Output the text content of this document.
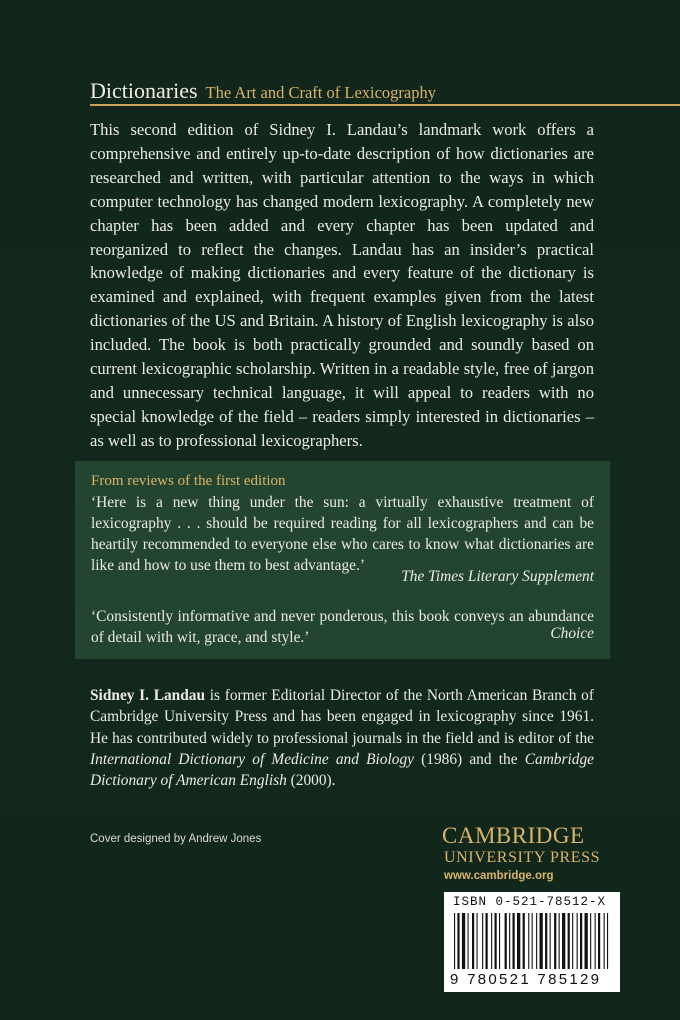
Dictionaries The Art and Craft of Lexicography
This second edition of Sidney I. Landau’s landmark work offers a comprehensive and entirely up-to-date description of how dictionaries are researched and written, with particular attention to the ways in which computer technology has changed modern lexicography. A completely new chapter has been added and every chapter has been updated and reorganized to reflect the changes. Landau has an insider’s practical knowledge of making dictionaries and every feature of the dictionary is examined and explained, with frequent examples given from the latest dictionaries of the US and Britain. A history of English lexicography is also included. The book is both practically grounded and soundly based on current lexicographic scholarship. Written in a readable style, free of jargon and unnecessary technical language, it will appeal to readers with no special knowledge of the field – readers simply interested in dictionaries – as well as to professional lexicographers.
From reviews of the first edition
‘Here is a new thing under the sun: a virtually exhaustive treatment of lexicography . . . should be required reading for all lexicographers and can be heartily recommended to everyone else who cares to know what dictionaries are like and how to use them to best advantage.’
The Times Literary Supplement
‘Consistently informative and never ponderous, this book conveys an abundance of detail with wit, grace, and style.’	Choice
Sidney I. Landau is former Editorial Director of the North American Branch of Cambridge University Press and has been engaged in lexicography since 1961. He has contributed widely to professional journals in the field and is editor of the International Dictionary of Medicine and Biology (1986) and the Cambridge Dictionary of American English (2000).
Cover designed by Andrew Jones	CAMBRIDGE
UNIVERSITY PRESS
www.cambridge.org
ISBN 0-521-78512-X
9 780521 785129
